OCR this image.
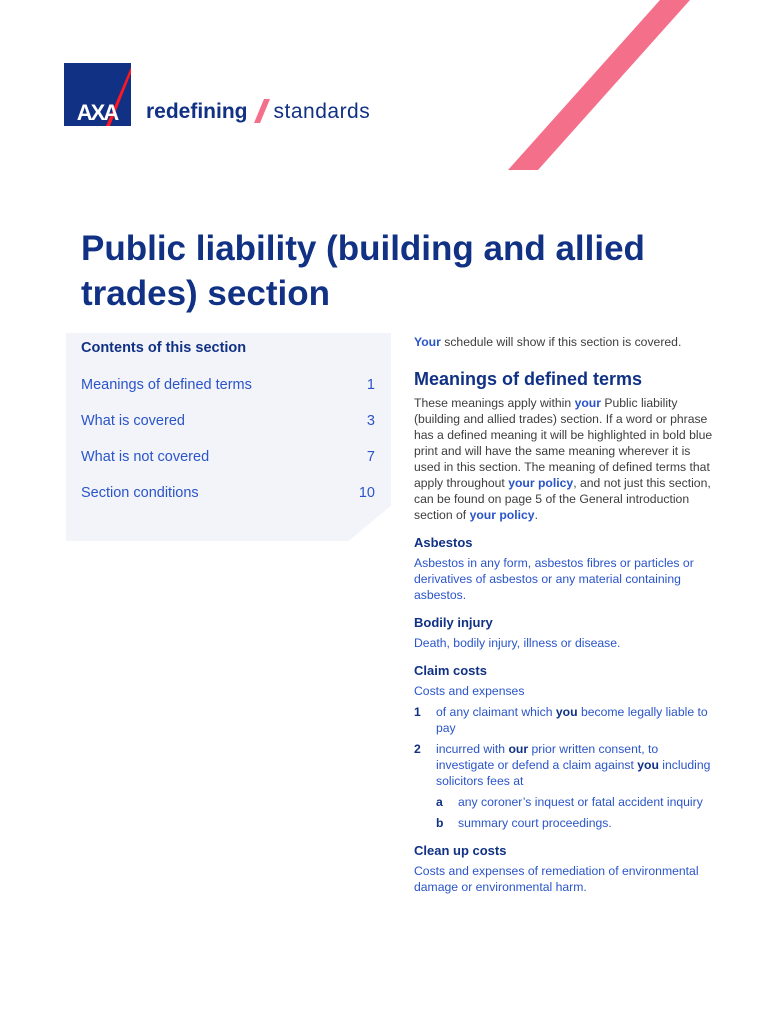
AXA redefining standards
Public liability (building and allied trades) section
Contents of this section
Meanings of defined terms	1
What is covered	3
What is not covered	7
Section conditions	10

Your schedule will show if this section is covered.

Meanings of defined terms

These meanings apply within your Public liability (building and allied trades) section. If a word or phrase has a defined meaning it will be highlighted in bold blue print and will have the same meaning wherever it is used in this section. The meaning of defined terms that apply throughout your policy, and not just this section, can be found on page 5 of the General introduction section of your policy.

Asbestos

Asbestos in any form, asbestos fibres or particles or derivatives of asbestos or any material containing asbestos.

Bodily injury

Death, bodily injury, illness or disease.

Claim costs

Costs and expenses

1 of any claimant which you become legally liable to pay
2 incurred with our prior written consent, to investigate or defend a claim against you including solicitors fees at
a any coroner’s inquest or fatal accident inquiry
b summary court proceedings.
Clean up costs

Costs and expenses of remediation of environmental damage or environmental harm.
